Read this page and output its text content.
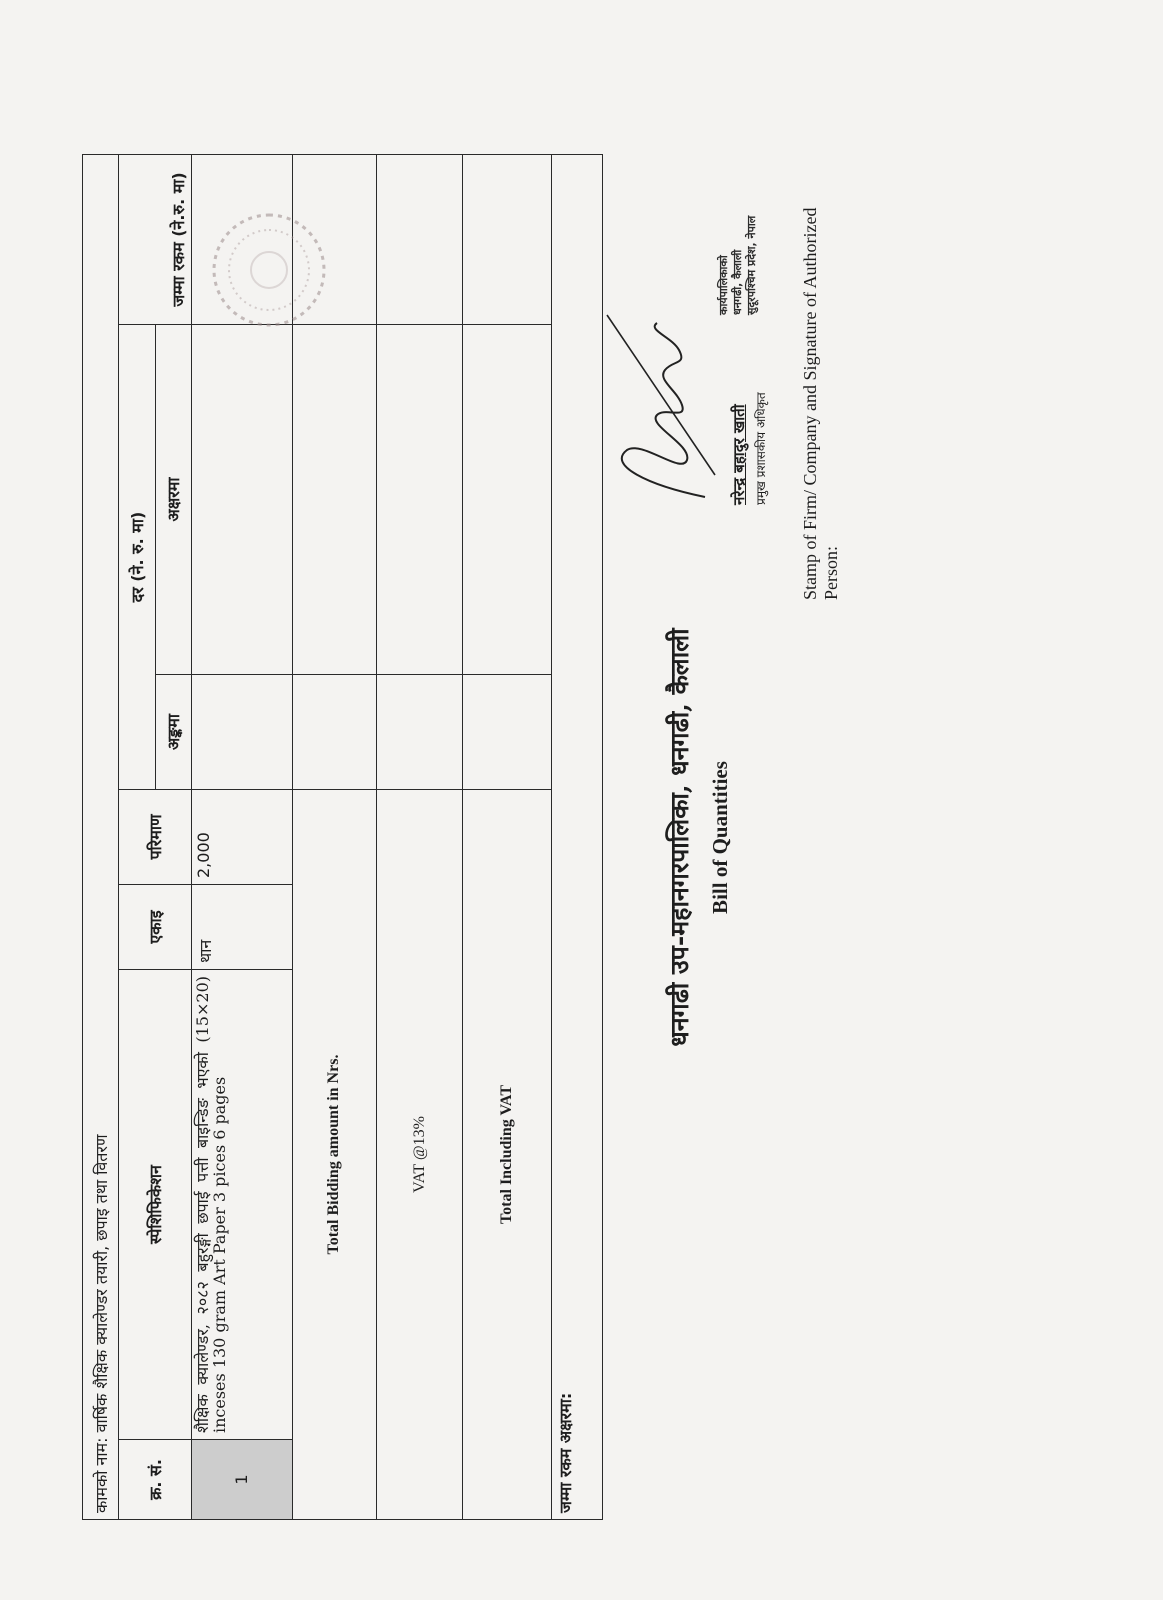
धनगढी उप-महानगरपालिका, धनगढी, कैलाली Bill of Quantities
कामको नाम: वार्षिक शैक्षिक क्यालेण्डर तयारी, छपाइ तथा वितरण						
क्र. सं.	स्पेशिफिकेशन	एकाइ	परिमाण	दर (ने. रु. मा)		जम्मा रकम (ने.रु. मा)
				अङ्कमा	अक्षरमा	
1	शैक्षिक क्यालेण्डर, २०८२ बहुरङ्गी छपाई पत्ती बाइन्डिङ भएको (15×20) inceses 130 gram Art Paper 3 pices 6 pages	थान	2,000			
Total Bidding amount in Nrs.						
VAT @13%						
Total Including VAT						
जम्मा रकम अक्षरमा:						
Stamp of Firm/ Company and Signature of Authorized Person:
नरेन्द्र बहादुर खाती प्रमुख प्रशासकीय अधिकृत
कार्यपालिकाको धनगढी, कैलाली सुदूरपश्चिम प्रदेश, नेपाल
